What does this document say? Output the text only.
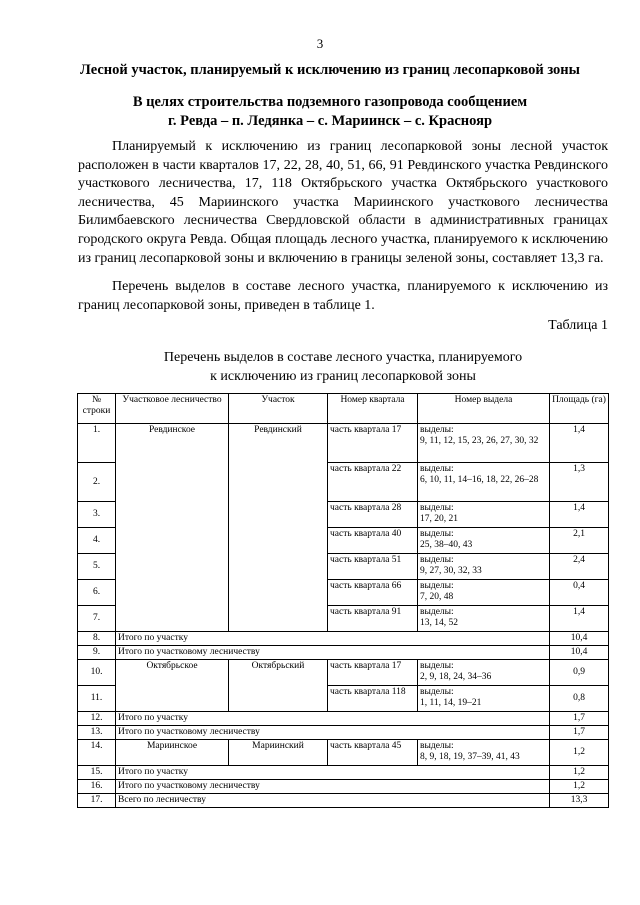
3
Лесной участок, планируемый к исключению из границ лесопарковой зоны
В целях строительства подземного газопровода сообщением
г. Ревда – п. Ледянка – с. Мариинск – с. Краснояр
Планируемый к исключению из границ лесопарковой зоны лесной участок расположен в части кварталов 17, 22, 28, 40, 51, 66, 91 Ревдинского участка Ревдинского участкового лесничества, 17, 118 Октябрьского участка Октябрьского участкового лесничества, 45 Мариинского участка Мариинского участкового лесничества Билимбаевского лесничества Свердловской области в административных границах городского округа Ревда. Общая площадь лесного участка, планируемого к исключению из границ лесопарковой зоны и включению в границы зеленой зоны, составляет 13,3 га.
Перечень выделов в составе лесного участка, планируемого к исключению из границ лесопарковой зоны, приведен в таблице 1.
Таблица 1
Перечень выделов в составе лесного участка, планируемого
к исключению из границ лесопарковой зоны
№ строки	Участковое лесничество	Участок	Номер квартала	Номер выдела	Площадь (га)
1.	Ревдинское	Ревдинский	часть квартала 17	выделы:
9, 11, 12, 15, 23, 26, 27, 30, 32	1,4
2.			часть квартала 22	выделы:
6, 10, 11, 14–16, 18, 22, 26–28	1,3
3.			часть квартала 28	выделы:
17, 20, 21	1,4
4.			часть квартала 40	выделы:
25, 38–40, 43	2,1
5.			часть квартала 51	выделы:
9, 27, 30, 32, 33	2,4
6.			часть квартала 66	выделы:
7, 20, 48	0,4
7.			часть квартала 91	выделы:
13, 14, 52	1,4
8.	Итого по участку				10,4
9.	Итого по участковому лесничеству				10,4
10.	Октябрьское	Октябрьский	часть квартала 17	выделы:
2, 9, 18, 24, 34–36	0,9
11.			часть квартала 118	выделы:
1, 11, 14, 19–21	0,8
12.	Итого по участку				1,7
13.	Итого по участковому лесничеству				1,7
14.	Мариинское	Мариинский	часть квартала 45	выделы:
8, 9, 18, 19, 37–39, 41, 43	1,2
15.	Итого по участку				1,2
16.	Итого по участковому лесничеству				1,2
17.	Всего по лесничеству				13,3
